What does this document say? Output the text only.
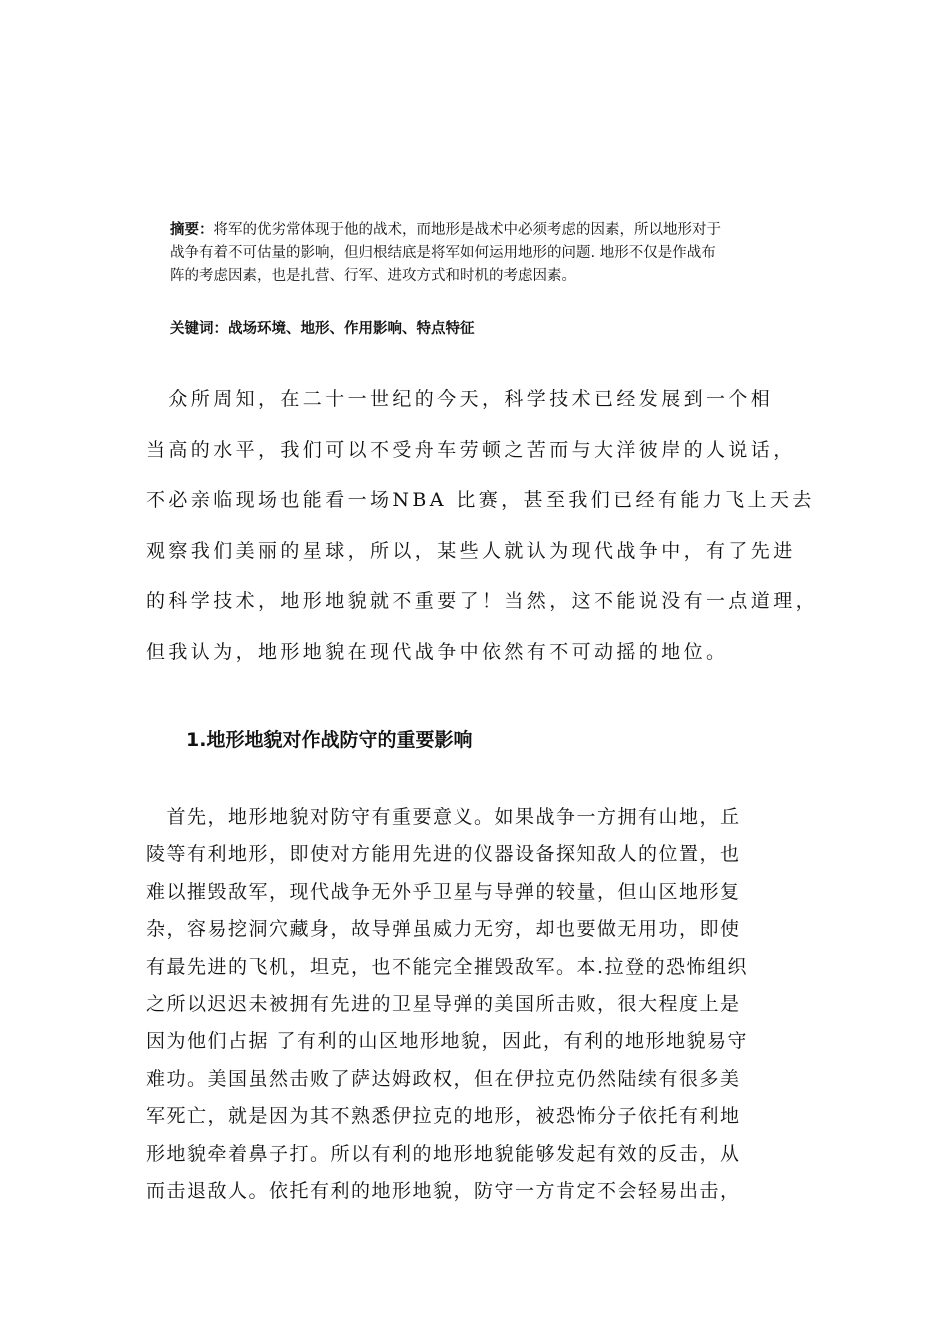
摘要：将军的优劣常体现于他的战术，而地形是战术中必须考虑的因素，所以地形对于
战争有着不可估量的影响，但归根结底是将军如何运用地形的问题. 地形不仅是作战布
阵的考虑因素，也是扎营、行军、进攻方式和时机的考虑因素。
关键词：战场环境、地形、作用影响、特点特征
　众所周知，在二十一世纪的今天，科学技术已经发展到一个相
当高的水平，我们可以不受舟车劳顿之苦而与大洋彼岸的人说话，
不必亲临现场也能看一场NBA 比赛，甚至我们已经有能力飞上天去
观察我们美丽的星球，所以，某些人就认为现代战争中，有了先进
的科学技术，地形地貌就不重要了！当然，这不能说没有一点道理，
但我认为，地形地貌在现代战争中依然有不可动摇的地位。
1.地形地貌对作战防守的重要影响
　首先，地形地貌对防守有重要意义。如果战争一方拥有山地，丘
陵等有利地形，即使对方能用先进的仪器设备探知敌人的位置，也
难以摧毁敌军，现代战争无外乎卫星与导弹的较量，但山区地形复
杂，容易挖洞穴藏身，故导弹虽威力无穷，却也要做无用功，即使
有最先进的飞机，坦克，也不能完全摧毁敌军。本.拉登的恐怖组织
之所以迟迟未被拥有先进的卫星导弹的美国所击败，很大程度上是
因为他们占据 了有利的山区地形地貌，因此，有利的地形地貌易守
难功。美国虽然击败了萨达姆政权，但在伊拉克仍然陆续有很多美
军死亡，就是因为其不熟悉伊拉克的地形，被恐怖分子依托有利地
形地貌牵着鼻子打。所以有利的地形地貌能够发起有效的反击，从
而击退敌人。依托有利的地形地貌，防守一方肯定不会轻易出击，
